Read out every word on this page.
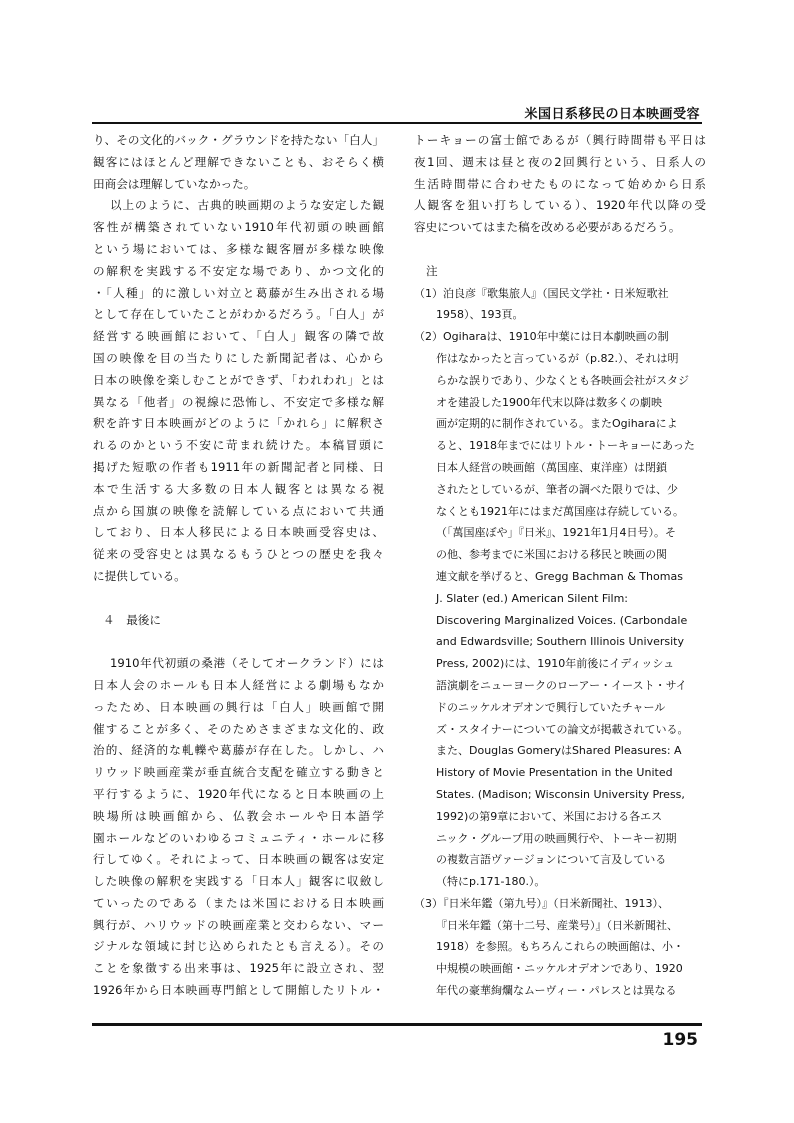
米国日系移民の日本映画受容
り、その文化的バック・グラウンドを持たない「白人」
観客にはほとんど理解できないことも、おそらく横
田商会は理解していなかった。
以上のように、古典的映画期のような安定した観
客性が構築されていない1910年代初頭の映画館
という場においては、多様な観客層が多様な映像
の解釈を実践する不安定な場であり、かつ文化的
・「人種」的に激しい対立と葛藤が生み出される場
として存在していたことがわかるだろう。「白人」が
経営する映画館において、「白人」観客の隣で故
国の映像を目の当たりにした新聞記者は、心から
日本の映像を楽しむことができず、「われわれ」とは
異なる「他者」の視線に恐怖し、不安定で多様な解
釈を許す日本映画がどのように「かれら」に解釈さ
れるのかという不安に苛まれ続けた。本稿冒頭に
掲げた短歌の作者も1911年の新聞記者と同様、日
本で生活する大多数の日本人観客とは異なる視
点から国旗の映像を読解している点において共通
しており、日本人移民による日本映画受容史は、
従来の受容史とは異なるもうひとつの歴史を我々
に提供している。
４　最後に
1910年代初頭の桑港（そしてオークランド）には
日本人会のホールも日本人経営による劇場もなか
ったため、日本映画の興行は「白人」映画館で開
催することが多く、そのためさまざまな文化的、政
治的、経済的な軋轢や葛藤が存在した。しかし、ハ
リウッド映画産業が垂直統合支配を確立する動きと
平行するように、1920年代になると日本映画の上
映場所は映画館から、仏教会ホールや日本語学
園ホールなどのいわゆるコミュニティ・ホールに移
行してゆく。それによって、日本映画の観客は安定
した映像の解釈を実践する「日本人」観客に収斂し
ていったのである（または米国における日本映画
興行が、ハリウッドの映画産業と交わらない、マー
ジナルな領域に封じ込められたとも言える）。その
ことを象徴する出来事は、1925年に設立され、翌
1926年から日本映画専門館として開館したリトル・
トーキョーの富士館であるが（興行時間帯も平日は
夜1回、週末は昼と夜の2回興行という、日系人の
生活時間帯に合わせたものになって始めから日系
人観客を狙い打ちしている）、1920年代以降の受
容史についてはまた稿を改める必要があるだろう。
注
（1）泊良彦『歌集旅人』（国民文学社・日米短歌社
1958）、193頁。
（2）Ogiharaは、1910年中葉には日本劇映画の制
作はなかったと言っているが（p.82.）、それは明
らかな誤りであり、少なくとも各映画会社がスタジ
オを建設した1900年代末以降は数多くの劇映
画が定期的に制作されている。またOgiharaによ
ると、1918年までにはリトル・トーキョーにあった
日本人経営の映画館（萬国座、東洋座）は閉鎖
されたとしているが、筆者の調べた限りでは、少
なくとも1921年にはまだ萬国座は存続している。
（「萬国座ぼや」『日米』、1921年1月4日号）。そ
の他、参考までに米国における移民と映画の関
連文献を挙げると、Gregg Bachman & Thomas
J. Slater (ed.) American Silent Film:
Discovering Marginalized Voices. (Carbondale
and Edwardsville; Southern Illinois University
Press, 2002)には、1910年前後にイディッシュ
語演劇をニューヨークのローアー・イースト・サイ
ドのニッケルオデオンで興行していたチャール
ズ・スタイナーについての論文が掲載されている。
また、Douglas GomeryはShared Pleasures: A
History of Movie Presentation in the United
States. (Madison; Wisconsin University Press,
1992)の第9章において、米国における各エス
ニック・グループ用の映画興行や、トーキー初期
の複数言語ヴァージョンについて言及している
（特にp.171-180.）。
（3）『日米年鑑（第九号）』（日米新聞社、1913）、
『日米年鑑（第十二号、産業号）』（日米新聞社、
1918）を参照。もちろんこれらの映画館は、小・
中規模の映画館・ニッケルオデオンであり、1920
年代の豪華絢爛なムーヴィー・パレスとは異なる
195
